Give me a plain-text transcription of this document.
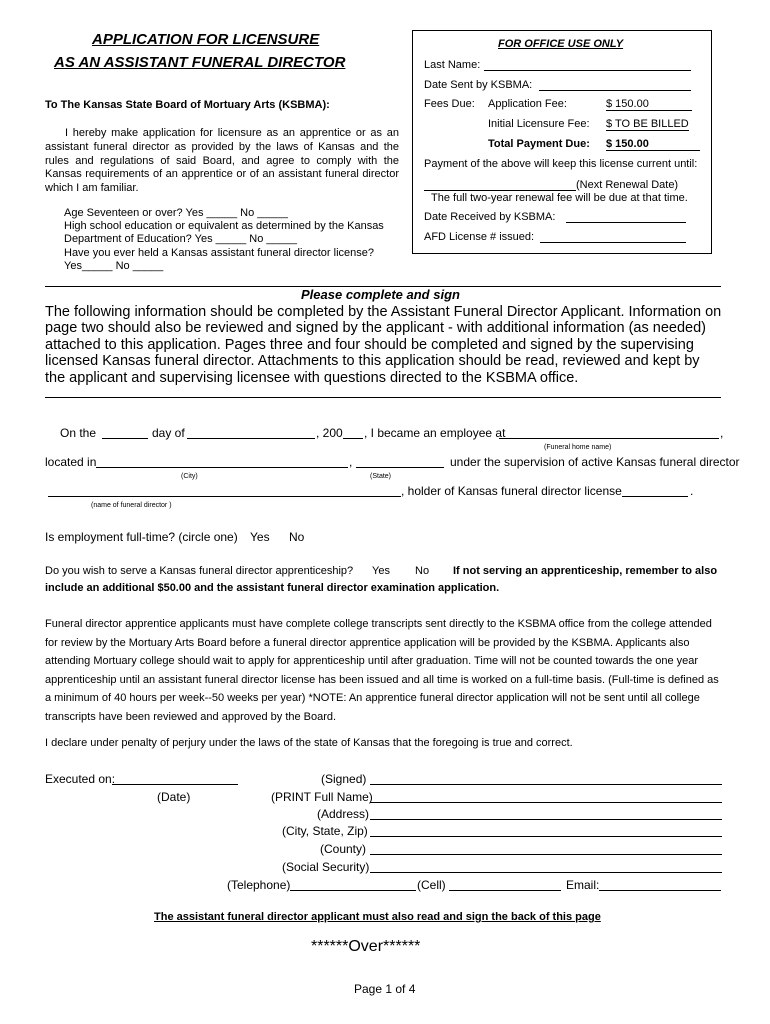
APPLICATION FOR LICENSURE
AS AN ASSISTANT FUNERAL DIRECTOR
To The Kansas State Board of Mortuary Arts (KSBMA):
I hereby make application for licensure as an apprentice or as an assistant funeral director as provided by the laws of Kansas and the rules and regulations of said Board, and agree to comply with the Kansas requirements of an apprentice or of an assistant funeral director which I am familiar.
Age Seventeen or over? Yes _____ No _____
High school education or equivalent as determined by the Kansas
Department of Education? Yes _____ No _____
Have you ever held a Kansas assistant funeral director license?
Yes_____ No _____
FOR OFFICE USE ONLY
Last Name:
Date Sent by KSBMA:
Fees Due: Application Fee:	$ 150.00
Initial Licensure Fee: $ TO BE BILLED
Total Payment Due: $ 150.00
Payment of the above will keep this license current until:
(Next Renewal Date)
The full two-year renewal fee will be due at that time.
Date Received by KSBMA:
AFD License # issued:
Please complete and sign
The following information should be completed by the Assistant Funeral Director Applicant. Information on page two should also be reviewed and signed by the applicant - with additional information (as needed) attached to this application. Pages three and four should be completed and signed by the supervising licensed Kansas funeral director. Attachments to this application should be read, reviewed and kept by the applicant and supervising licensee with questions directed to the KSBMA office.
On the	day of	, 200 , I became an employee at	,
(Funeral home name)
located in	,	under the supervision of active Kansas funeral director
(City)	(State)
, holder of Kansas funeral director license	.
(name of funeral director )
Is employment full-time? (circle one) Yes No
Do you wish to serve a Kansas funeral director apprenticeship? Yes No If not serving an apprenticeship, remember to also
include an additional $50.00 and the assistant funeral director examination application.
Funeral director apprentice applicants must have complete college transcripts sent directly to the KSBMA office from the college attended for review by the Mortuary Arts Board before a funeral director apprentice application will be provided by the KSBMA. Applicants also attending Mortuary college should wait to apply for apprenticeship until after graduation. Time will not be counted towards the one year apprenticeship until an assistant funeral director license has been issued and all time is worked on a full-time basis. (Full-time is defined as a minimum of 40 hours per week--50 weeks per year) *NOTE: An apprentice funeral director application will not be sent until all college transcripts have been reviewed and approved by the Board.
I declare under penalty of perjury under the laws of the state of Kansas that the foregoing is true and correct.
Executed on:
(Date)
(Signed)
(PRINT Full Name)
(Address)
(City, State, Zip)
(County)
(Social Security)
(Telephone)	(Cell)	Email:
The assistant funeral director applicant must also read and sign the back of this page
******Over******
Page 1 of 4
